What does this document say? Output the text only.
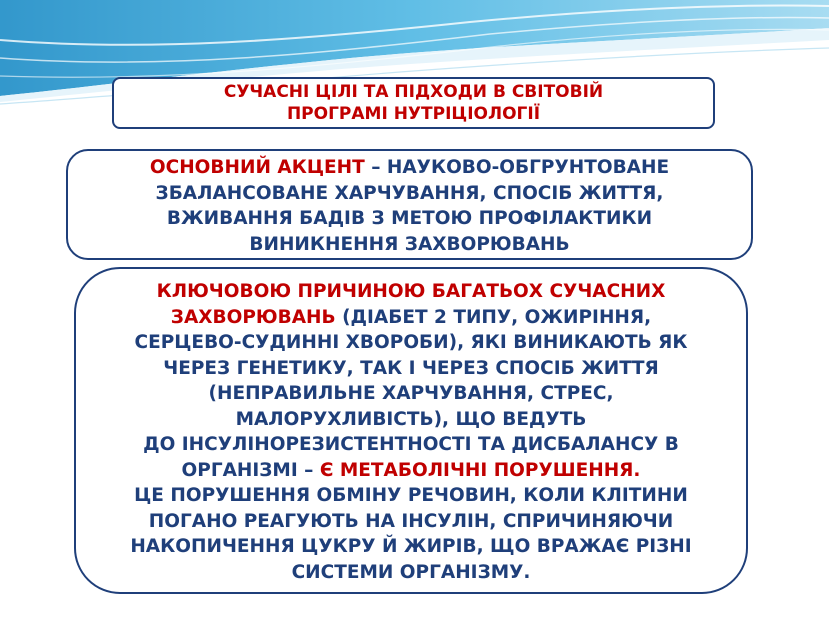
СУЧАСНІ ЦІЛІ ТА ПІДХОДИ В СВІТОВІЙ
ПРОГРАМІ НУТРІЦІОЛОГІЇ
ОСНОВНИЙ АКЦЕНТ – НАУКОВО-ОБГРУНТОВАНЕ
ЗБАЛАНСОВАНЕ ХАРЧУВАННЯ, СПОСІБ ЖИТТЯ,
ВЖИВАННЯ БАДІВ З МЕТОЮ ПРОФІЛАКТИКИ
ВИНИКНЕННЯ ЗАХВОРЮВАНЬ
КЛЮЧОВОЮ ПРИЧИНОЮ БАГАТЬОХ СУЧАСНИХ
ЗАХВОРЮВАНЬ (ДІАБЕТ 2 ТИПУ, ОЖИРІННЯ,
СЕРЦЕВО-СУДИННІ ХВОРОБИ), ЯКІ ВИНИКАЮТЬ ЯК
ЧЕРЕЗ ГЕНЕТИКУ, ТАК І ЧЕРЕЗ СПОСІБ ЖИТТЯ
(НЕПРАВИЛЬНЕ ХАРЧУВАННЯ, СТРЕС,
МАЛОРУХЛИВІСТЬ), ЩО ВЕДУТЬ
ДО ІНСУЛІНОРЕЗИСТЕНТНОСТІ ТА ДИСБАЛАНСУ В
ОРГАНІЗМІ – Є МЕТАБОЛІЧНІ ПОРУШЕННЯ.
ЦЕ ПОРУШЕННЯ ОБМІНУ РЕЧОВИН, КОЛИ КЛІТИНИ
ПОГАНО РЕАГУЮТЬ НА ІНСУЛІН, СПРИЧИНЯЮЧИ
НАКОПИЧЕННЯ ЦУКРУ Й ЖИРІВ, ЩО ВРАЖАЄ РІЗНІ
СИСТЕМИ ОРГАНІЗМУ.
